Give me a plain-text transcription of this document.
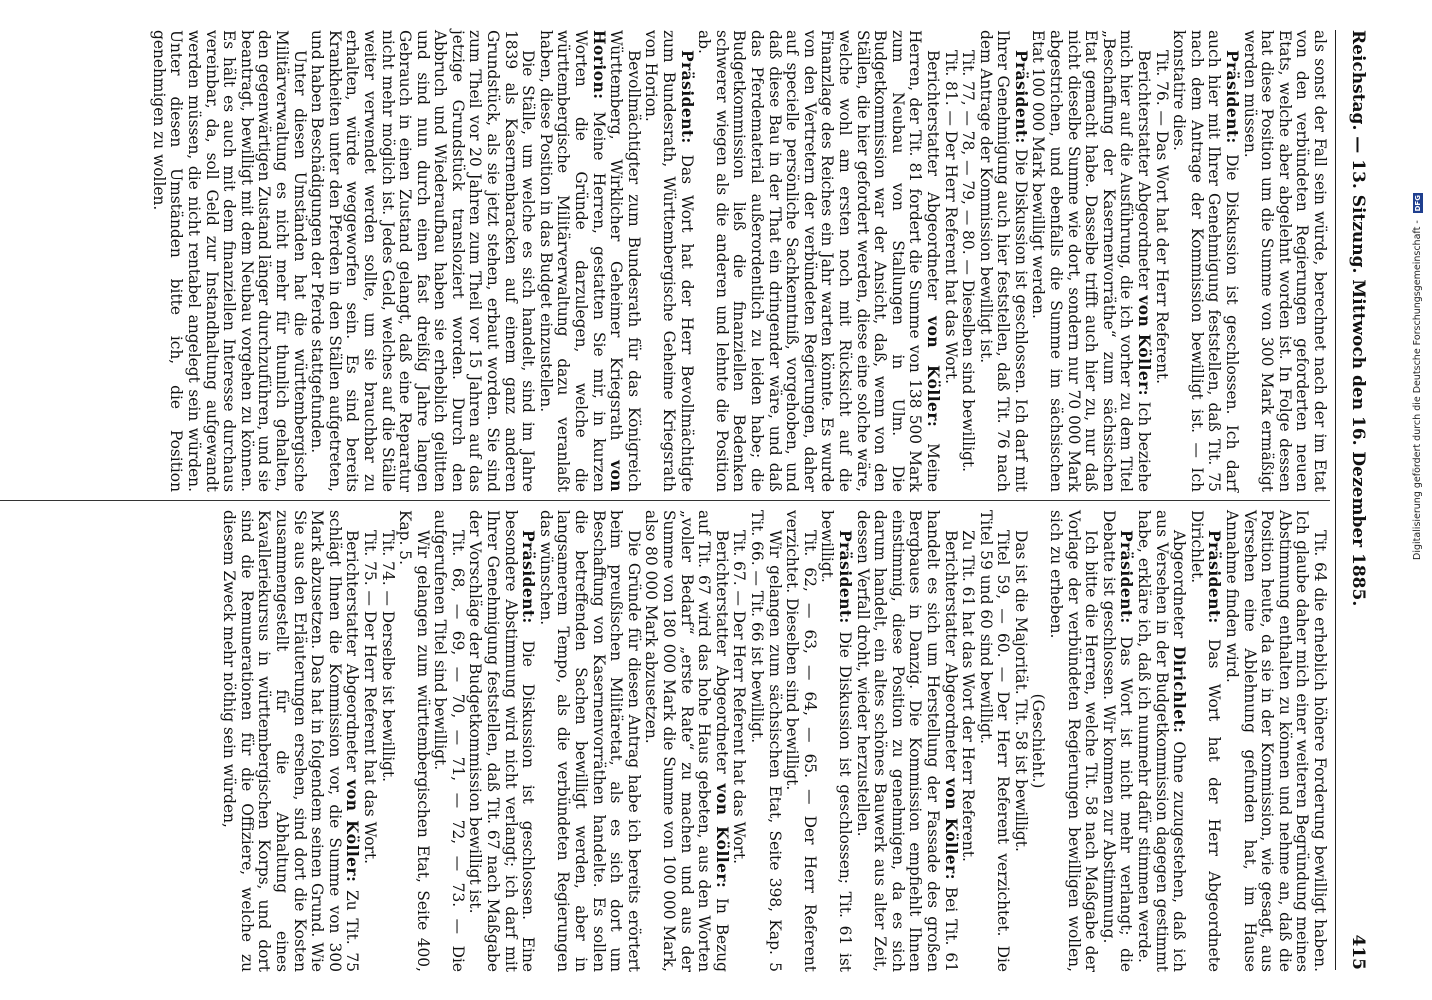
Reichstag. — 13. Sitzung. Mittwoch den 16. Dezember 1885.
415

als sonst der Fall sein würde, berechnet nach der im Etat von den verbündeten Regierungen geforderten neuen Etats, welche aber abgelehnt worden ist. In Folge dessen hat diese Position um die Summe von 300 Mark ermäßigt werden müssen.

Präsident: Die Diskussion ist geschlossen. Ich darf auch hier mit Ihrer Genehmigung feststellen, daß Tit. 75 nach dem Antrage der Kommission bewilligt ist. — Ich konstatire dies.

Tit. 76. — Das Wort hat der Herr Referent.

Berichterstatter Abgeordneter von Köller: Ich beziehe mich hier auf die Ausführung, die ich vorher zu dem Titel „Beschaffung der Kasernenvorräthe“ zum sächsischen Etat gemacht habe. Dasselbe trifft auch hier zu, nur daß nicht dieselbe Summe wie dort, sondern nur 70 000 Mark abgestrichen, und ebenfalls die Summe im sächsischen Etat 100 000 Mark bewilligt werden.

Präsident: Die Diskussion ist geschlossen. Ich darf mit Ihrer Genehmigung auch hier feststellen, daß Tit. 76 nach dem Antrage der Kommission bewilligt ist.

Tit. 77, — 78, — 79, — 80. — Dieselben sind bewilligt.

Tit. 81. — Der Herr Referent hat das Wort.

Berichterstatter Abgeordneter von Köller: Meine Herren, der Tit. 81 fordert die Summe von 138 500 Mark zum Neubau von Stallungen in Ulm. Die Budgetkommission war der Ansicht, daß, wenn von den Ställen, die hier gefordert werden, diese eine solche wäre, welche wohl am ersten noch mit Rücksicht auf die Finanzlage des Reiches ein Jahr warten könnte. Es wurde von den Vertretern der verbündeten Regierungen, daher auf specielle persönliche Sachkenntniß, vorgehoben, und daß diese Bau in der That ein dringender wäre, und daß das Pferdematerial außerordentlich zu leiden habe; die Budgetkommission ließ die finanziellen Bedenken schwerer wiegen als die anderen und lehnte die Position ab.

Präsident: Das Wort hat der Herr Bevollmächtigte zum Bundesrath, Württembergische Geheime Kriegsrath von Horion.

Bevollmächtigter zum Bundesrath für das Königreich Württemberg, Wirklicher Geheimer Kriegsrath von Horion: Meine Herren, gestatten Sie mir, in kurzen Worten die Gründe darzulegen, welche die württembergische Militärverwaltung dazu veranlaßt haben, diese Position in das Budget einzustellen.

Die Ställe, um welche es sich handelt, sind im Jahre 1839 als Kasernenbaracken auf einem ganz anderen Grundstück, als sie jetzt stehen, erbaut worden. Sie sind zum Theil vor 20 Jahren zum Theil vor 15 Jahren auf das jetzige Grundstück transloziert worden. Durch den Abbruch und Wiederaufbau haben sie erheblich gelitten und sind nun durch einen fast dreißig Jahre langen Gebrauch in einen Zustand gelangt, daß eine Reparatur nicht mehr möglich ist. Jedes Geld, welches auf die Ställe weiter verwendet werden sollte, um sie brauchbar zu erhalten, würde weggeworfen sein. Es sind bereits Krankheiten unter den Pferden in den Ställen aufgetreten, und haben Beschädigungen der Pferde stattgefunden.

Unter diesen Umständen hat die württembergische Militärverwaltung es nicht mehr für thunlich gehalten, den gegenwärtigen Zustand länger durchzuführen, und sie beantragt, bewilligt mit dem Neubau vorgehen zu können. Es hält es auch mit dem finanziellen Interesse durchaus vereinbar, da, soll Geld zur Instandhaltung aufgewandt werden müssen, die nicht rentabel angelegt sein würden. Unter diesen Umständen bitte ich, die Position genehmigen zu wollen.

Tit. 64 die erheblich höhere Forderung bewilligt haben. Ich glaube daher mich einer weiteren Begründung meines Abstimmung enthalten zu können und nehme an, daß die Position heute, da sie in der Kommission, wie gesagt, aus Versehen eine Ablehnung gefunden hat, im Hause Annahme finden wird.

Präsident: Das Wort hat der Herr Abgeordnete Dirichlet.

Abgeordneter Dirichlet: Ohne zuzugestehen, daß ich aus Versehen in der Budgetkommission dagegen gestimmt habe, erkläre ich, daß ich nunmehr dafür stimmen werde.

Präsident: Das Wort ist nicht mehr verlangt; die Debatte ist geschlossen. Wir kommen zur Abstimmung.

Ich bitte die Herren, welche Tit. 58 nach Maßgabe der Vorlage der verbündeten Regierungen bewilligen wollen, sich zu erheben.

(Geschieht.)

Das ist die Majorität. Tit. 58 ist bewilligt.

Titel 59, — 60. — Der Herr Referent verzichtet. Die Titel 59 und 60 sind bewilligt.

Zu Tit. 61 hat das Wort der Herr Referent.

Berichterstatter Abgeordneter von Köller: Bei Tit. 61 handelt es sich um Herstellung der Fassade des großen Bergbaues in Danzig. Die Kommission empfiehlt Ihnen einstimmig, diese Position zu genehmigen, da es sich darum handelt, ein altes schönes Bauwerk aus alter Zeit, dessen Verfall droht, wieder herzustellen.

Präsident: Die Diskussion ist geschlossen; Tit. 61 ist bewilligt.

Tit. 62, — 63, — 64, — 65. — Der Herr Referent verzichtet. Dieselben sind bewilligt.

Wir gelangen zum sächsischen Etat, Seite 398, Kap. 5 Tit. 66. — Tit. 66 ist bewilligt.

Tit. 67. — Der Herr Referent hat das Wort.

Berichterstatter Abgeordneter von Köller: In Bezug auf Tit. 67 wird das hohe Haus gebeten, aus den Worten „voller Bedarf“ „erste Rate“ zu machen und aus der Summe von 180 000 Mark die Summe von 100 000 Mark, also 80 000 Mark abzusetzen.

Die Gründe für diesen Antrag habe ich bereits erörtert beim preußischen Militäretat, als es sich dort um Beschaffung von Kasernenvorräthen handelte. Es sollen die betreffenden Sachen bewilligt werden, aber in langsamerem Tempo, als die verbündeten Regierungen das wünschen.

Präsident: Die Diskussion ist geschlossen. Eine besondere Abstimmung wird nicht verlangt; ich darf mit Ihrer Genehmigung feststellen, daß Tit. 67 nach Maßgabe der Vorschläge der Budgetkommission bewilligt ist.

Tit. 68, — 69, — 70, — 71, — 72, — 73. — Die aufgerufenen Titel sind bewilligt.

Wir gelangen zum württembergischen Etat, Seite 400, Kap. 5.

Tit. 74. — Derselbe ist bewilligt.

Tit. 75. — Der Herr Referent hat das Wort.

Berichterstatter Abgeordneter von Köller: Zu Tit. 75 schlägt Ihnen die Kommission vor, die Summe von 300 Mark abzusetzen. Das hat in folgendem seinen Grund. Wie Sie aus den Erläuterungen ersehen, sind dort die Kosten zusammengestellt für die Abhaltung eines Kavalleriekursus in württembergischen Korps, und dort sind die Remunerationen für die Offiziere, welche zu diesem Zweck mehr nöthig sein würden,

Digitalisierung gefördert durch die Deutsche Forschungsgemeinschaft - DFG
